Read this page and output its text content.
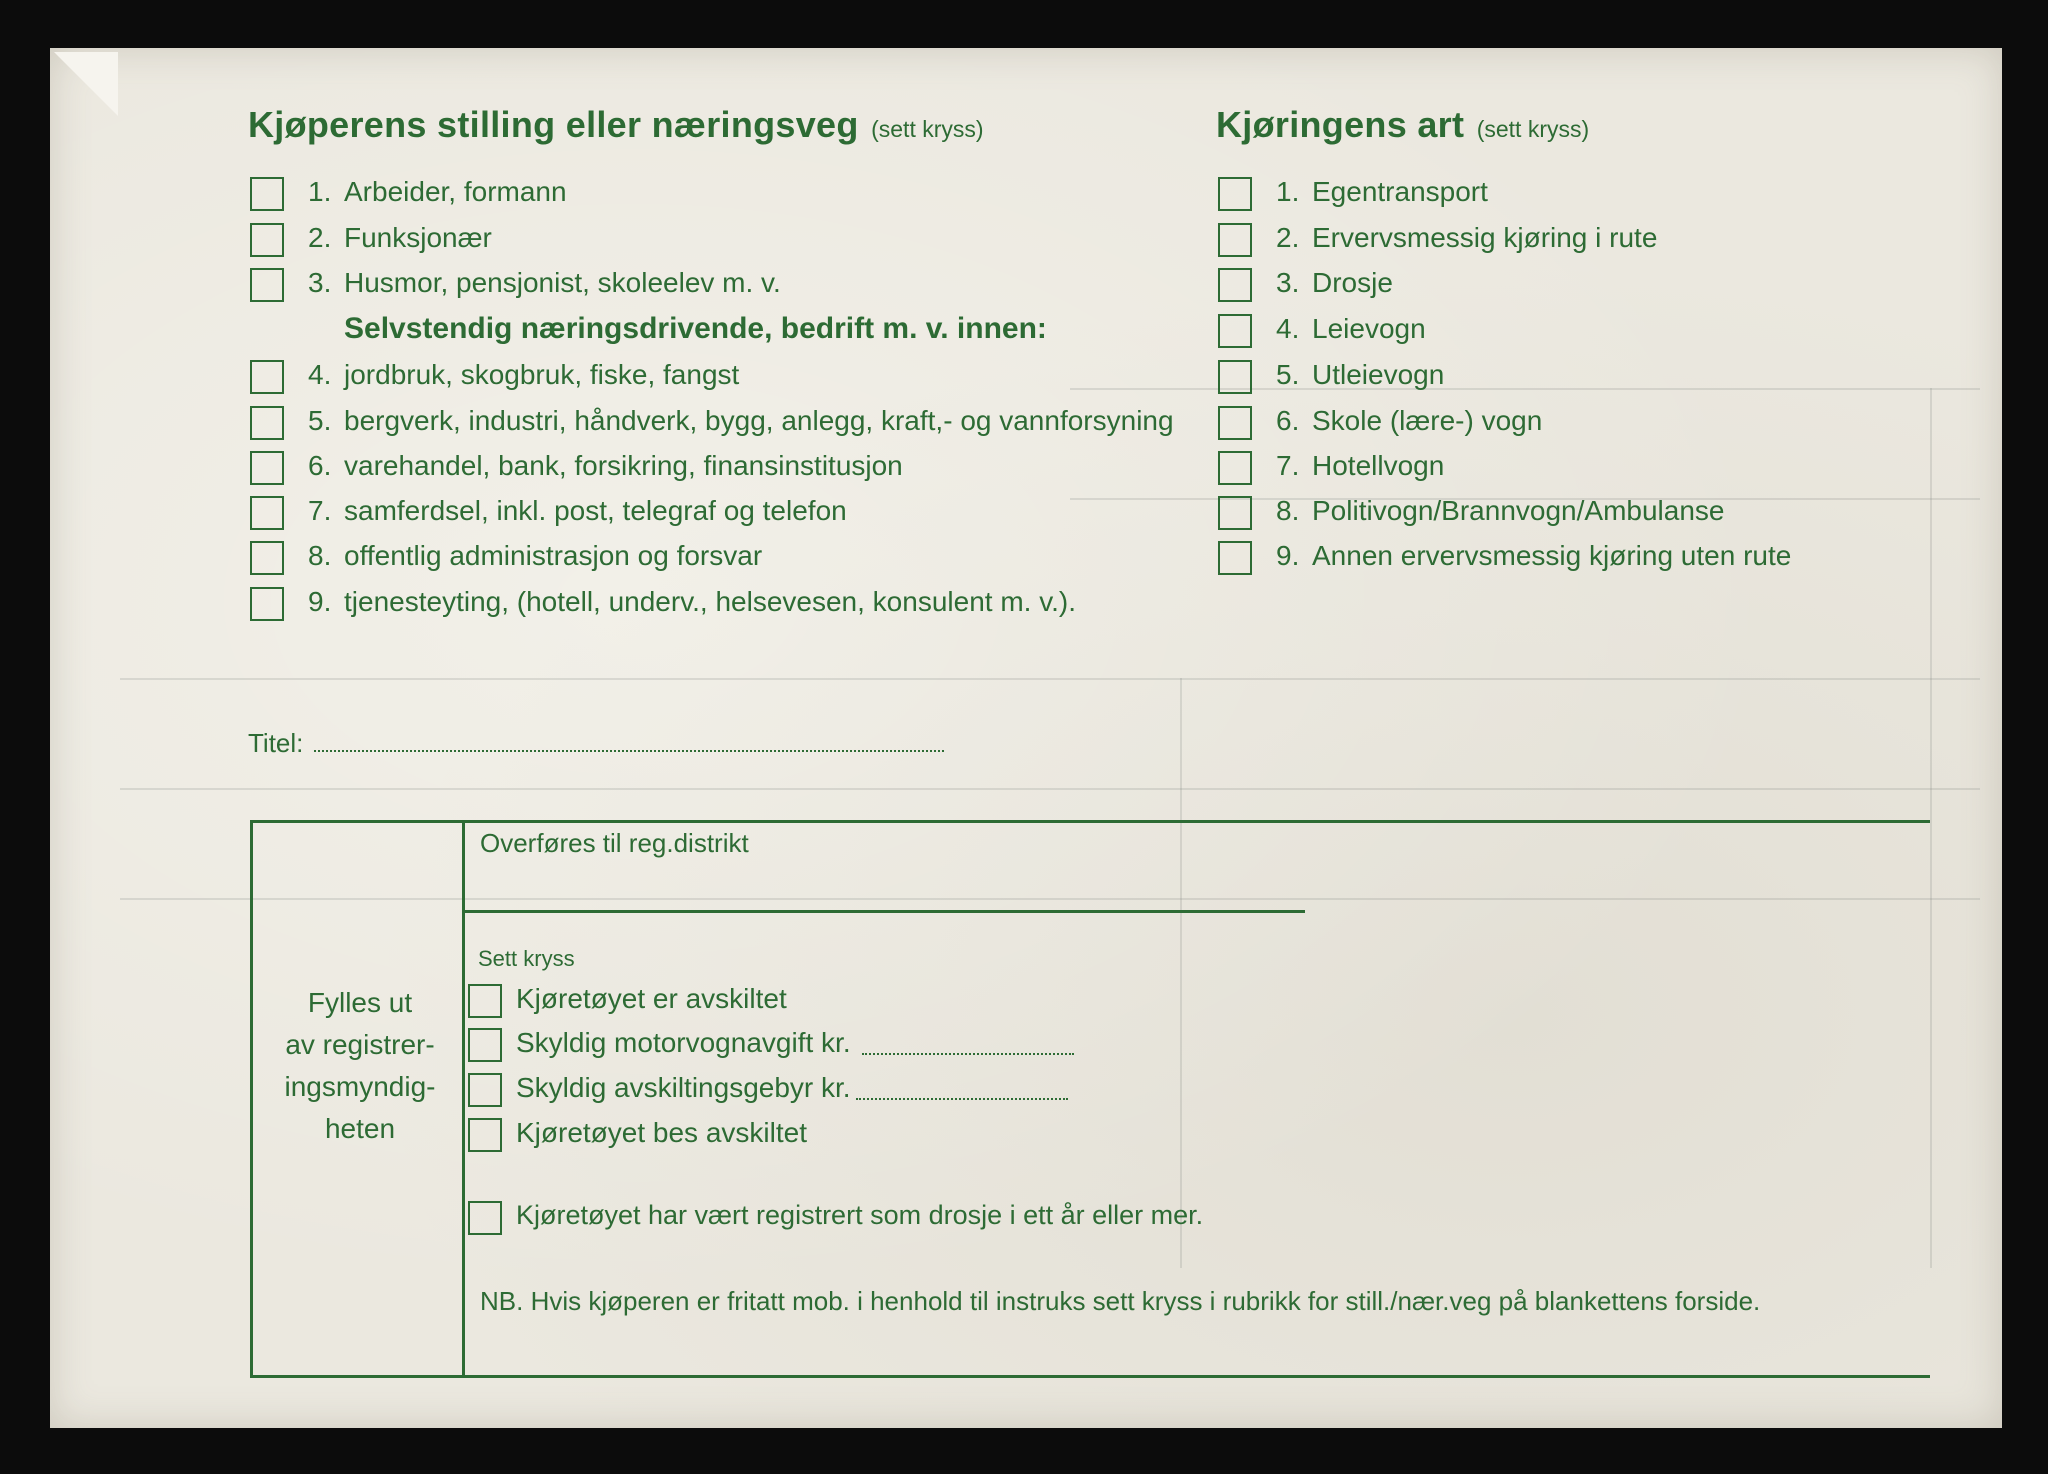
Kjøperens stilling eller næringsveg (sett kryss)
1. Arbeider, formann
2. Funksjonær
3. Husmor, pensjonist, skoleelev m. v.
Selvstendig næringsdrivende, bedrift m. v. innen:
4. jordbruk, skogbruk, fiske, fangst
5. bergverk, industri, håndverk, bygg, anlegg, kraft,- og vannforsyning
6. varehandel, bank, forsikring, finansinstitusjon
7. samferdsel, inkl. post, telegraf og telefon
8. offentlig administrasjon og forsvar
9. tjenesteyting, (hotell, underv., helsevesen, konsulent m. v.).
Kjøringens art (sett kryss)
1. Egentransport
2. Ervervsmessig kjøring i rute
3. Drosje
4. Leievogn
5. Utleievogn
6. Skole (lære-) vogn
7. Hotellvogn
8. Politivogn/Brannvogn/Ambulanse
9. Annen ervervsmessig kjøring uten rute
Titel:
Fylles ut
av registrer-
ingsmyndig-
heten
Overføres til reg.distrikt
Sett kryss
Kjøretøyet er avskiltet
Skyldig motorvognavgift kr.
Skyldig avskiltingsgebyr kr.
Kjøretøyet bes avskiltet
Kjøretøyet har vært registrert som drosje i ett år eller mer.
NB. Hvis kjøperen er fritatt mob. i henhold til instruks sett kryss i rubrikk for still./nær.veg på blankettens forside.
